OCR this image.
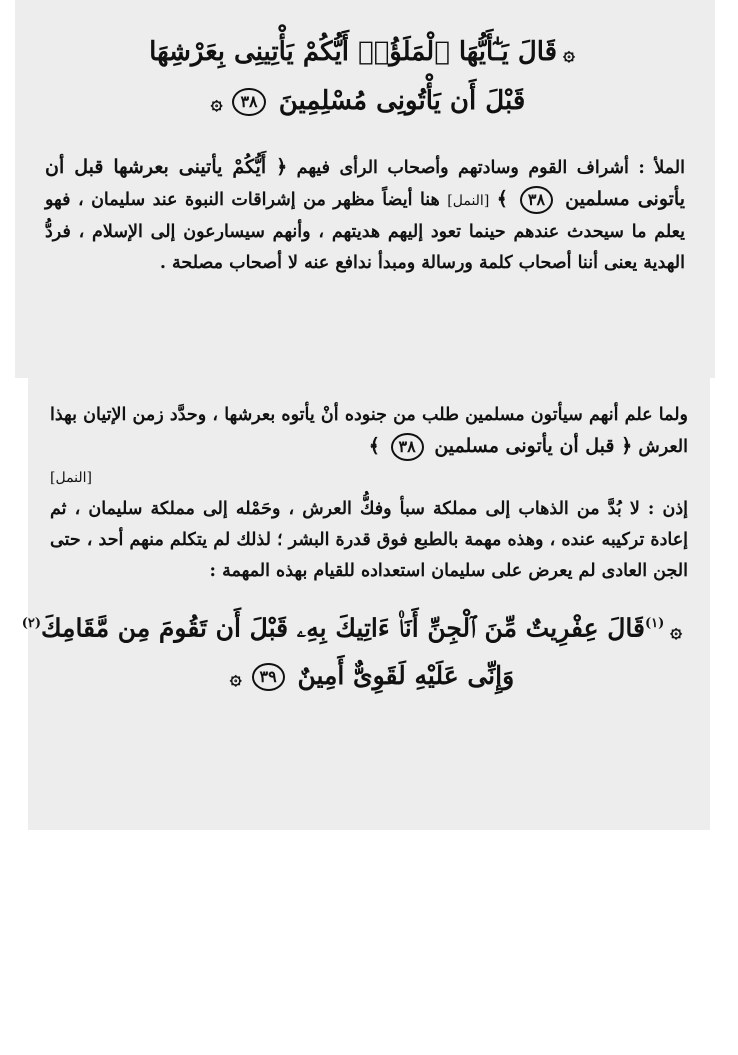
۞قَالَ يَـٰٓأَيُّهَا ٱلْمَلَؤُا۟ أَيُّكُمْ يَأْتِينِى بِعَرْشِهَا
قَبْلَ أَن يَأْتُونِى مُسْلِمِينَ ٣٨۞

الملأ : أشراف القوم وسادتهم وأصحاب الرأى فيهم ﴿ أَيُّكُمْ يأتينى بعرشها قبل أن يأتونى مسلمين ٣٨ ﴾ [النمل] هنا أيضاً مظهر من إشراقات النبوة عند سليمان ، فهو يعلم ما سيحدث عندهم حينما تعود إليهم هديتهم ، وأنهم سيسارعون إلى الإسلام ، فردُّ الهدية يعنى أننا أصحاب كلمة ورسالة ومبدأ ندافع عنه لا أصحاب مصلحة .

ولما علم أنهم سيأتون مسلمين طلب من جنوده أنْ يأتوه بعرشها ، وحدَّد زمن الإتيان بهذا العرش ﴿ قبل أن يأتونى مسلمين ٣٨ ﴾
[النمل]

إذن : لا بُدَّ من الذهاب إلى مملكة سبأ وفكُّ العرش ، وحَمْله إلى مملكة سليمان ، ثم إعادة تركيبه عنده ، وهذه مهمة بالطبع فوق قدرة البشر ؛ لذلك لم يتكلم منهم أحد ، حتى الجن العادى لم يعرض على سليمان استعداده للقيام بهذه المهمة :

۞$^{(١)}$قَالَ عِفْرِيتٌ مِّنَ ٱلْجِنِّ أَنَا۠ ءَاتِيكَ بِهِۦ قَبْلَ أَن تَقُومَ مِن مَّقَامِكَ$^{(٢)}$
وَإِنِّى عَلَيْهِ لَقَوِىٌّ أَمِينٌ ٣٩۞
